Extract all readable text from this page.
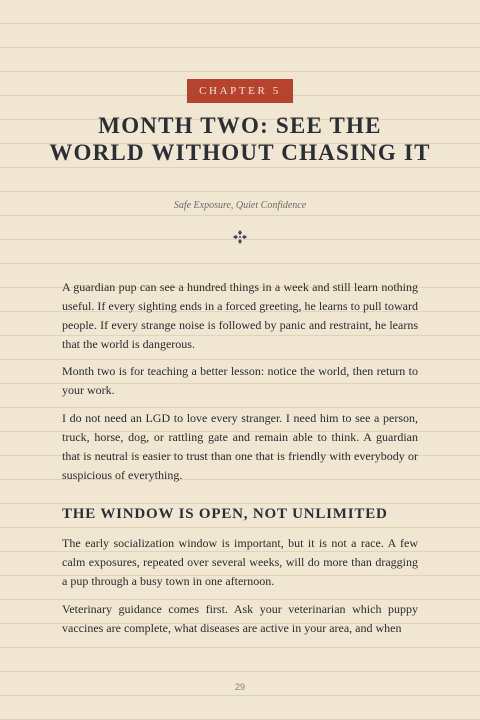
CHAPTER 5
MONTH TWO: SEE THE WORLD WITHOUT CHASING IT
Safe Exposure, Quiet Confidence

A guardian pup can see a hundred things in a week and still learn nothing useful. If every sighting ends in a forced greeting, he learns to pull toward people. If every strange noise is followed by panic and restraint, he learns that the world is dangerous.

Month two is for teaching a better lesson: notice the world, then return to your work.

I do not need an LGD to love every stranger. I need him to see a person, truck, horse, dog, or rattling gate and remain able to think. A guardian that is neutral is easier to trust than one that is friendly with everybody or suspicious of everything.

THE WINDOW IS OPEN, NOT UNLIMITED

The early socialization window is important, but it is not a race. A few calm exposures, repeated over several weeks, will do more than dragging a pup through a busy town in one afternoon.

Veterinary guidance comes first. Ask your veterinarian which puppy vaccines are complete, what diseases are active in your area, and when

29
